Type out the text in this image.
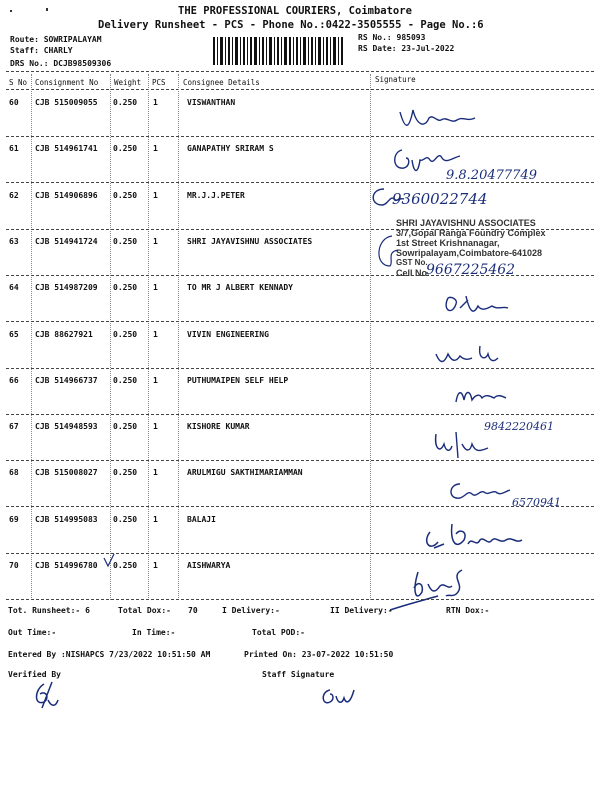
THE PROFESSIONAL COURIERS, Coimbatore
Delivery Runsheet - PCS - Phone No.:0422-3505555 - Page No.:6
Route: SOWRIPALAYAM
Staff: CHARLY
DRS No.: DCJB98509306
RS No.: 985093
RS Date: 23-Jul-2022
S No Consignment No Weight PCS Consignee Details	Signature
60 CJB 515009055 0.250 1	VISWANTHAN
61 CJB 514961741 0.250 1	GANAPATHY SRIRAM S
62 CJB 514906896 0.250 1	MR.J.J.PETER
63 CJB 514941724 0.250 1	SHRI JAYAVISHNU ASSOCIATES
64 CJB 514987209 0.250 1	TO MR J ALBERT KENNADY
65 CJB 88627921	0.250 1	VIVIN ENGINEERING
66 CJB 514966737 0.250 1	PUTHUMAIPEN SELF HELP
67 CJB 514948593 0.250 1	KISHORE KUMAR
68 CJB 515008027 0.250 1	ARULMIGU SAKTHIMARIAMMAN
69 CJB 514995083 0.250 1	BALAJI
70 CJB 514996780 0.250 1	AISHWARYA
9.8.20477749
9360022744
SHRI JAYAVISHNU ASSOCIATES
3/7,Gopal Ranga Foundry Complex
1st Street Krishnanagar,
Sowripalayam,Coimbatore-641028
GST No.
Cell No.
9667225462
9842220461
6570941
Tot. Runsheet:- 6	Total Dox:- 70	I Delivery:-	II Delivery:-	RTN Dox:-
Out Time:-	In Time:-	Total POD:-
Entered By :NISHAPCS 7/23/2022 10:51:50 AM	Printed On: 23-07-2022 10:51:50
Verified By	Staff Signature
